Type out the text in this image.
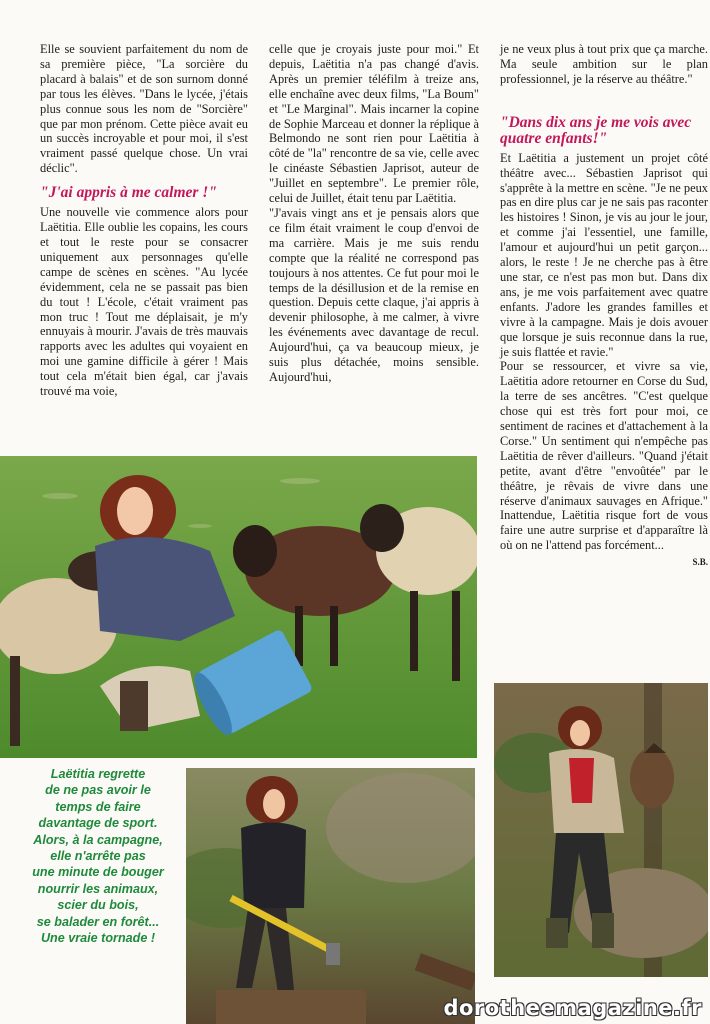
Elle se souvient parfaitement du nom de sa première pièce, "La sorcière du placard à balais" et de son surnom donné par tous les élèves. "Dans le lycée, j'étais plus connue sous les nom de "Sorcière" que par mon prénom. Cette pièce avait eu un succès incroyable et pour moi, il s'est vraiment passé quelque chose. Un vrai déclic".

"J'ai appris à me calmer !"

Une nouvelle vie commence alors pour Laëtitia. Elle oublie les copains, les cours et tout le reste pour se consacrer uniquement aux personnages qu'elle campe de scènes en scènes. "Au lycée évidemment, cela ne se passait pas bien du tout ! L'école, c'était vraiment pas mon truc ! Tout me déplaisait, je m'y ennuyais à mourir. J'avais de très mauvais rapports avec les adultes qui voyaient en moi une gamine difficile à gérer ! Mais tout cela m'était bien égal, car j'avais trouvé ma voie,

celle que je croyais juste pour moi." Et depuis, Laëtitia n'a pas changé d'avis. Après un premier téléfilm à treize ans, elle enchaîne avec deux films, "La Boum" et "Le Marginal". Mais incarner la copine de Sophie Marceau et donner la réplique à Belmondo ne sont rien pour Laëtitia à côté de "la" rencontre de sa vie, celle avec le cinéaste Sébastien Japrisot, auteur de "Juillet en septembre". Le premier rôle, celui de Juillet, était tenu par Laëtitia.

"J'avais vingt ans et je pensais alors que ce film était vraiment le coup d'envoi de ma carrière. Mais je me suis rendu compte que la réalité ne correspond pas toujours à nos attentes. Ce fut pour moi le temps de la désillusion et de la remise en question. Depuis cette claque, j'ai appris à devenir philosophe, à me calmer, à vivre les événements avec davantage de recul. Aujourd'hui, ça va beaucoup mieux, je suis plus détachée, moins sensible. Aujourd'hui,

je ne veux plus à tout prix que ça marche. Ma seule ambition sur le plan professionnel, je la réserve au théâtre."

"Dans dix ans je me vois avec quatre enfants!"

Et Laëtitia a justement un projet côté théâtre avec... Sébastien Japrisot qui s'apprête à la mettre en scène. "Je ne peux pas en dire plus car je ne sais pas raconter les histoires ! Sinon, je vis au jour le jour, et comme j'ai l'essentiel, une famille, l'amour et aujourd'hui un petit garçon... alors, le reste ! Je ne cherche pas à être une star, ce n'est pas mon but. Dans dix ans, je me vois parfaitement avec quatre enfants. J'adore les grandes familles et vivre à la campagne. Mais je dois avouer que lorsque je suis reconnue dans la rue, je suis flattée et ravie."

Pour se ressourcer, et vivre sa vie, Laëtitia adore retourner en Corse du Sud, la terre de ses ancêtres. "C'est quelque chose qui est très fort pour moi, ce sentiment de racines et d'attachement à la Corse." Un sentiment qui n'empêche pas Laëtitia de rêver d'ailleurs. "Quand j'était petite, avant d'être "envoûtée" par le théâtre, je rêvais de vivre dans une réserve d'animaux sauvages en Afrique." Inattendue, Laëtitia risque fort de vous faire une autre surprise et d'apparaître là où on ne l'attend pas forcément...

S.B.
Laëtitia regrette
de ne pas avoir le
temps de faire
davantage de sport.
Alors, à la campagne,
elle n'arrête pas
une minute de bouger
nourrir les animaux,
scier du bois,
se balader en forêt...
Une vraie tornade !
dorotheemagazine.fr
